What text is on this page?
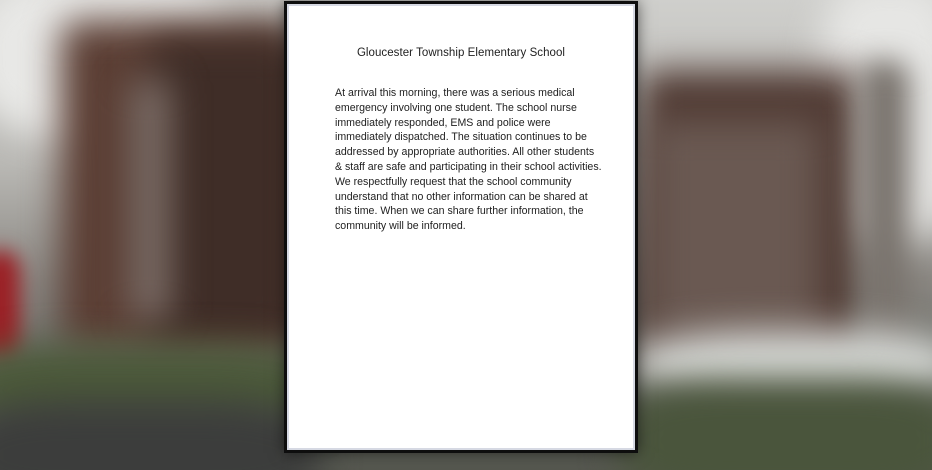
Gloucester Township Elementary School

At arrival this morning, there was a serious medical
emergency involving one student. The school nurse
immediately responded, EMS and police were
immediately dispatched. The situation continues to be
addressed by appropriate authorities. All other students
& staff are safe and participating in their school activities.
We respectfully request that the school community
understand that no other information can be shared at
this time. When we can share further information, the
community will be informed.
